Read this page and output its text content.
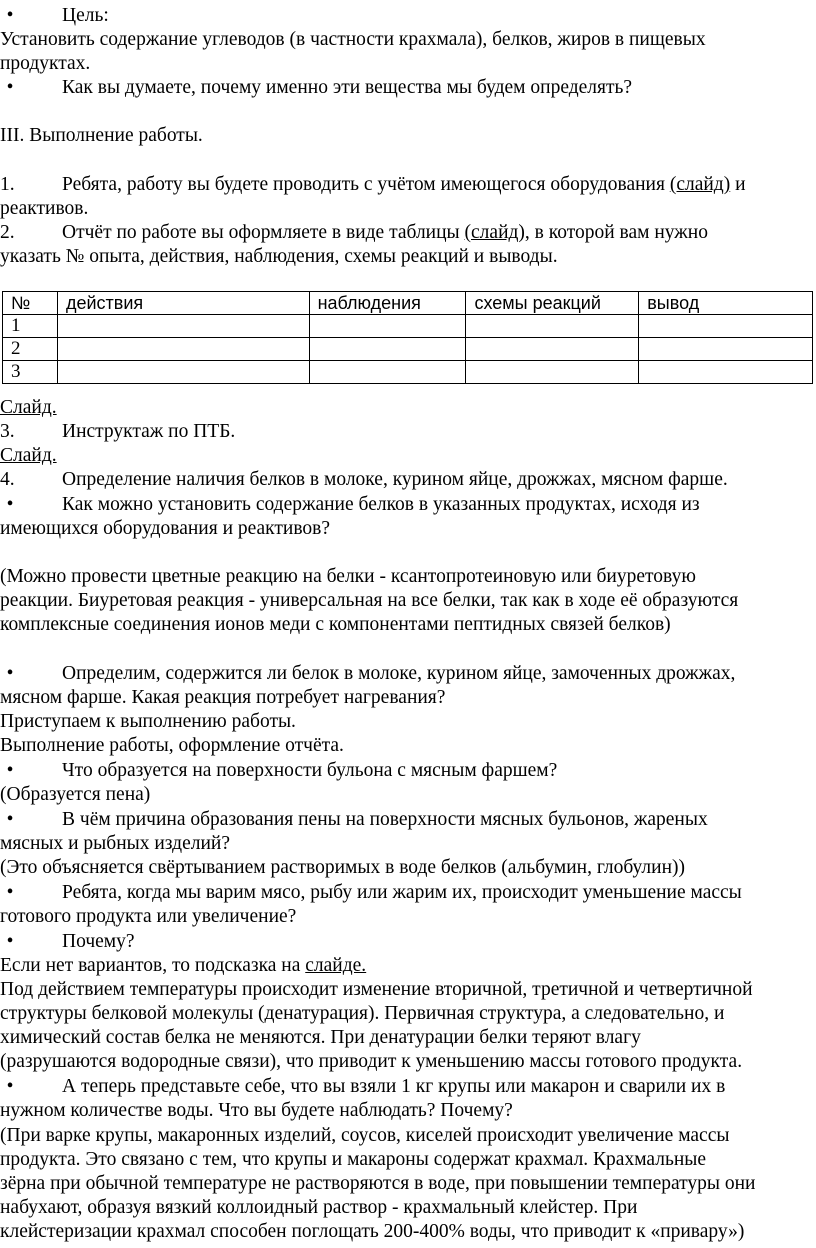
•	Цель:
Установить содержание углеводов (в частности крахмала), белков, жиров в пищевых
продуктах.
•	Как вы думаете, почему именно эти вещества мы будем определять?
III. Выполнение работы.
1. Ребята, работу вы будете проводить с учётом имеющегося оборудования (слайд) и
реактивов.
2. Отчёт по работе вы оформляете в виде таблицы (слайд), в которой вам нужно
указать № опыта, действия, наблюдения, схемы реакций и выводы.
№	действия	наблюдения	схемы реакций	вывод
1				
2				
3				
Слайд.
3. Инструктаж по ПТБ.
Слайд.
4. Определение наличия белков в молоке, курином яйце, дрожжах, мясном фарше.
•	Как можно установить содержание белков в указанных продуктах, исходя из
имеющихся оборудования и реактивов?
(Можно провести цветные реакцию на белки - ксантопротеиновую или биуретовую
реакции. Биуретовая реакция - универсальная на все белки, так как в ходе её образуются
комплексные соединения ионов меди с компонентами пептидных связей белков)
•	Определим, содержится ли белок в молоке, курином яйце, замоченных дрожжах,
мясном фарше. Какая реакция потребует нагревания?
Приступаем к выполнению работы.
Выполнение работы, оформление отчёта.
•	Что образуется на поверхности бульона с мясным фаршем?
(Образуется пена)
•	В чём причина образования пены на поверхности мясных бульонов, жареных
мясных и рыбных изделий?
(Это объясняется свёртыванием растворимых в воде белков (альбумин, глобулин))
•	Ребята, когда мы варим мясо, рыбу или жарим их, происходит уменьшение массы
готового продукта или увеличение?
•	Почему?
Если нет вариантов, то подсказка на слайде.
Под действием температуры происходит изменение вторичной, третичной и четвертичной
структуры белковой молекулы (денатурация). Первичная структура, а следовательно, и
химический состав белка не меняются. При денатурации белки теряют влагу
(разрушаются водородные связи), что приводит к уменьшению массы готового продукта.
•	А теперь представьте себе, что вы взяли 1 кг крупы или макарон и сварили их в
нужном количестве воды. Что вы будете наблюдать? Почему?
(При варке крупы, макаронных изделий, соусов, киселей происходит увеличение массы
продукта. Это связано с тем, что крупы и макароны содержат крахмал. Крахмальные
зёрна при обычной температуре не растворяются в воде, при повышении температуры они
набухают, образуя вязкий коллоидный раствор - крахмальный клейстер. При
клейстеризации крахмал способен поглощать 200-400% воды, что приводит к «привару»)
